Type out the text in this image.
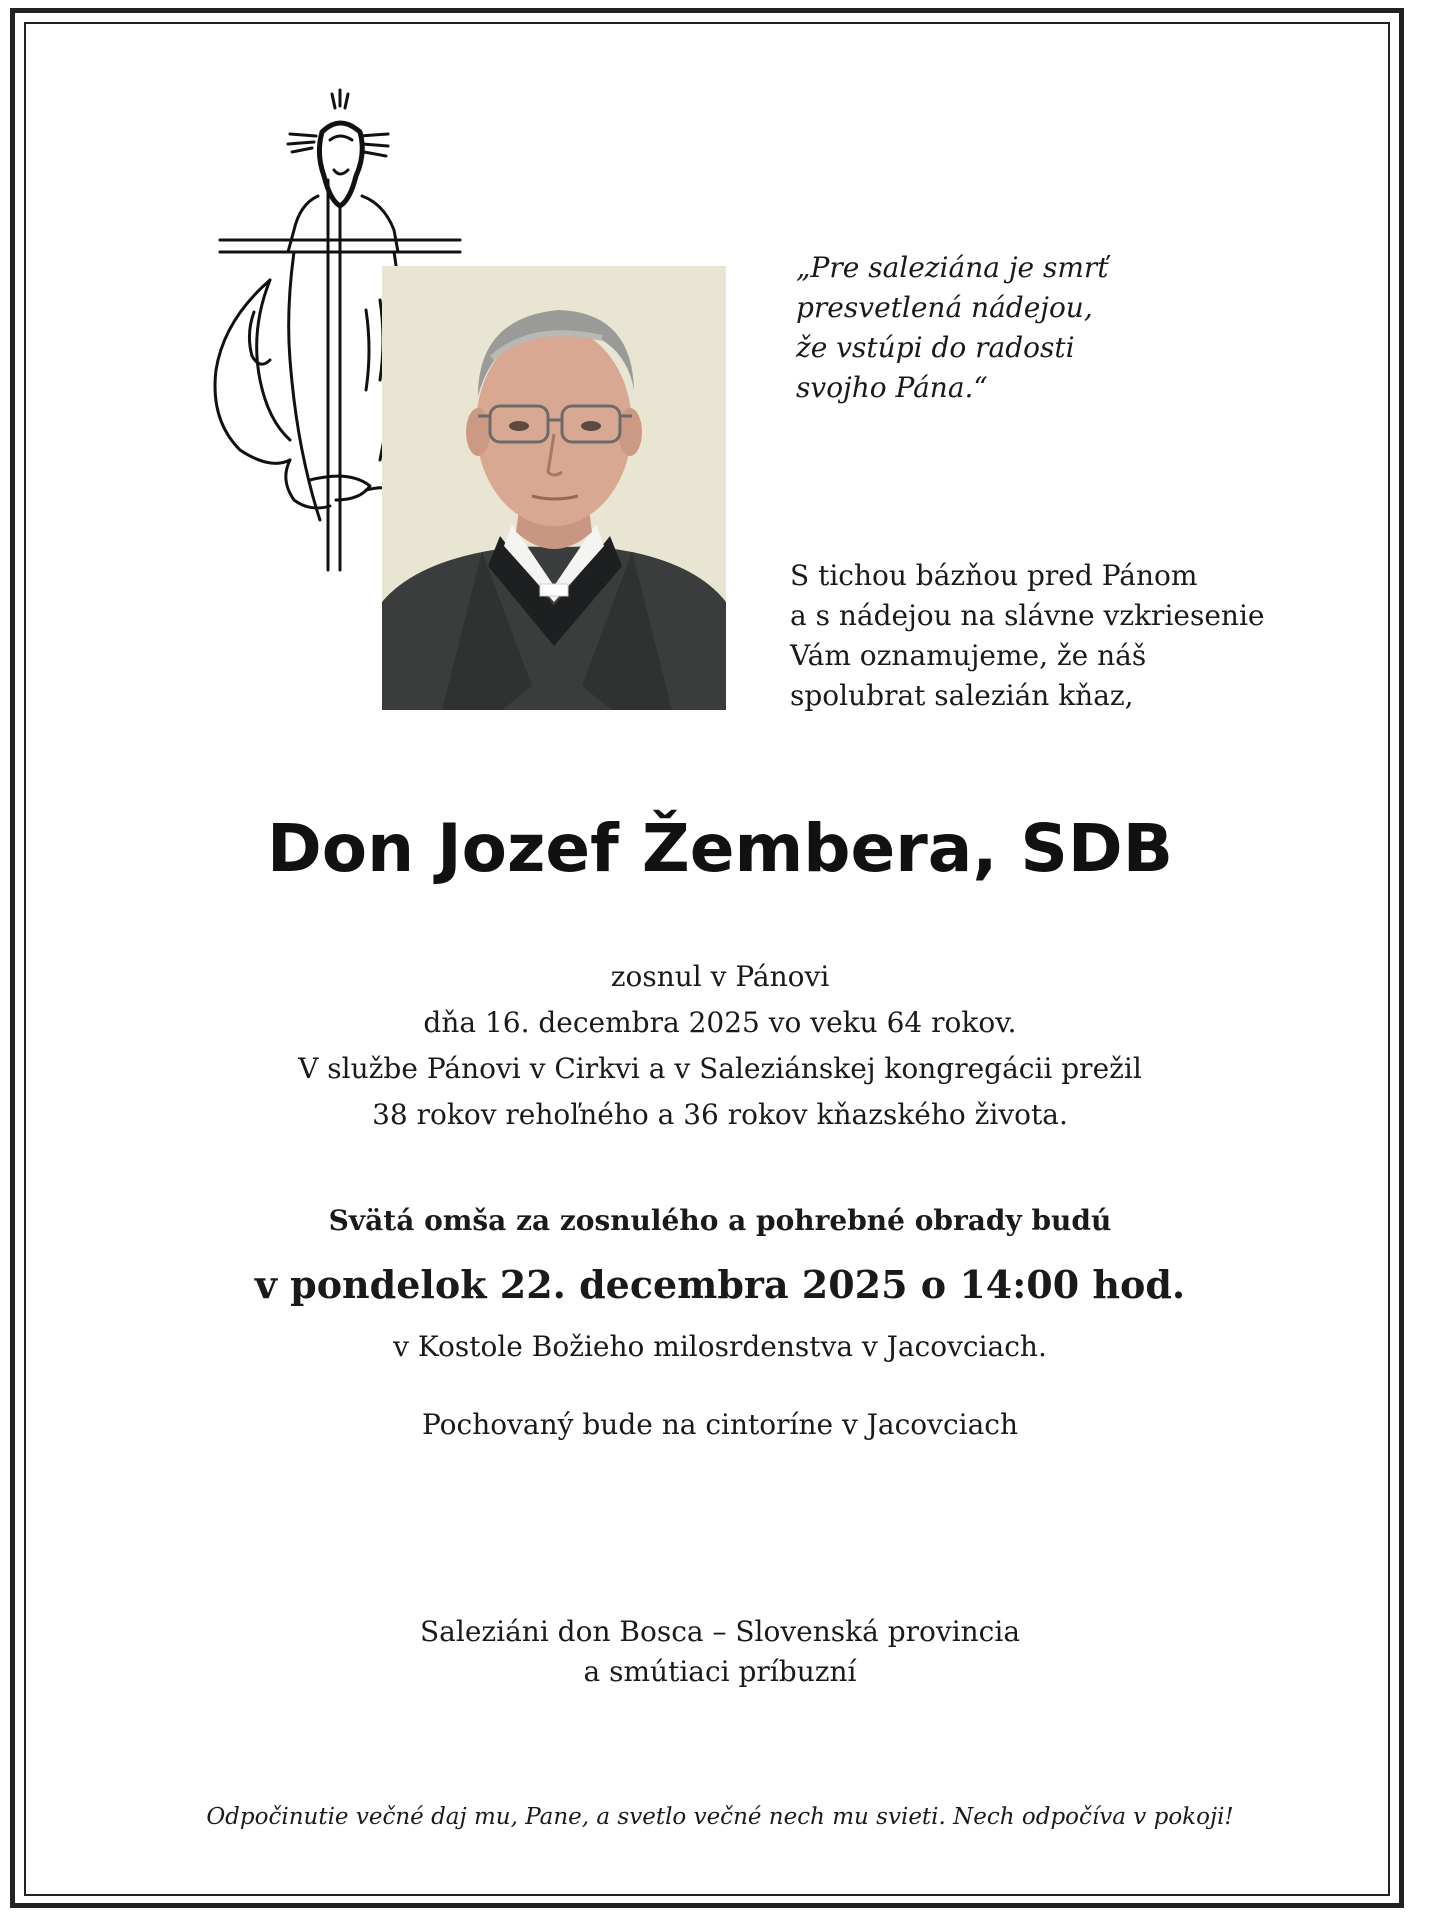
„Pre saleziána je smrť
presvetlená nádejou,
že vstúpi do radosti
svojho Pána.“
S tichou bázňou pred Pánom
a s nádejou na slávne vzkriesenie
Vám oznamujeme, že náš
spolubrat salezián kňaz,
Don Jozef Žembera, SDB
zosnul v Pánovi
dňa 16. decembra 2025 vo veku 64 rokov.
V službe Pánovi v Cirkvi a v Saleziánskej kongregácii prežil
38 rokov rehoľného a 36 rokov kňazského života.
Svätá omša za zosnulého a pohrebné obrady budú
v pondelok 22. decembra 2025 o 14:00 hod.
v Kostole Božieho milosrdenstva v Jacovciach.
Pochovaný bude na cintoríne v Jacovciach
Saleziáni don Bosca – Slovenská provincia
a smútiaci príbuzní
Odpočinutie večné daj mu, Pane, a svetlo večné nech mu svieti. Nech odpočíva v pokoji!
